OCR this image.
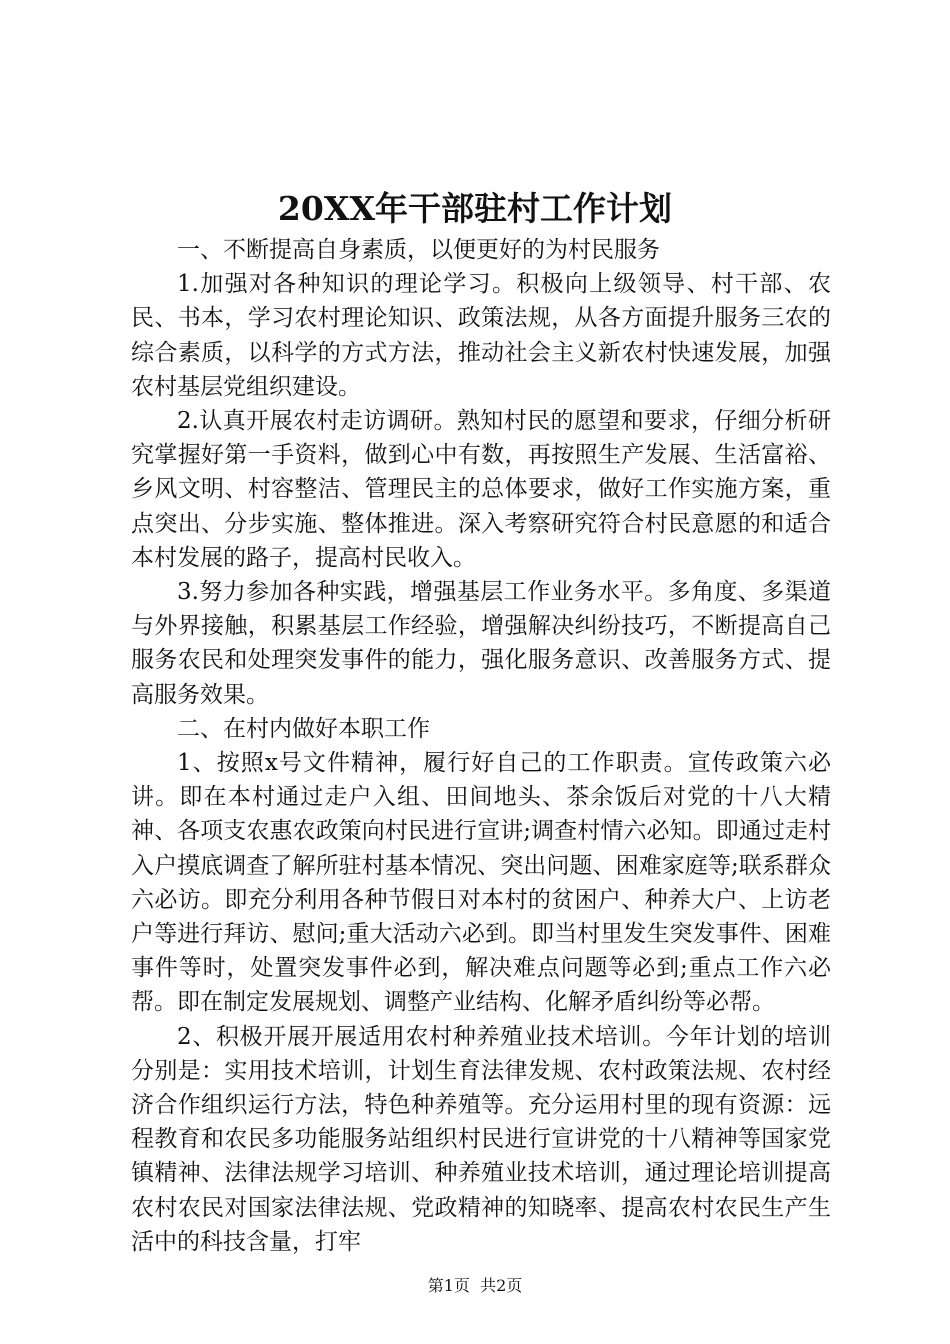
20XX年干部驻村工作计划

一、不断提高自身素质，以便更好的为村民服务

1.加强对各种知识的理论学习。积极向上级领导、村干部、农民、书本，学习农村理论知识、政策法规，从各方面提升服务三农的综合素质，以科学的方式方法，推动社会主义新农村快速发展，加强农村基层党组织建设。

2.认真开展农村走访调研。熟知村民的愿望和要求，仔细分析研究掌握好第一手资料，做到心中有数，再按照生产发展、生活富裕、乡风文明、村容整洁、管理民主的总体要求，做好工作实施方案，重点突出、分步实施、整体推进。深入考察研究符合村民意愿的和适合本村发展的路子，提高村民收入。

3.努力参加各种实践，增强基层工作业务水平。多角度、多渠道与外界接触，积累基层工作经验，增强解决纠纷技巧，不断提高自己服务农民和处理突发事件的能力，强化服务意识、改善服务方式、提高服务效果。

二、在村内做好本职工作

1、按照x号文件精神，履行好自己的工作职责。宣传政策六必讲。即在本村通过走户入组、田间地头、茶余饭后对党的十八大精神、各项支农惠农政策向村民进行宣讲;调查村情六必知。即通过走村入户摸底调查了解所驻村基本情况、突出问题、困难家庭等;联系群众六必访。即充分利用各种节假日对本村的贫困户、种养大户、上访老户等进行拜访、慰问;重大活动六必到。即当村里发生突发事件、困难事件等时，处置突发事件必到，解决难点问题等必到;重点工作六必帮。即在制定发展规划、调整产业结构、化解矛盾纠纷等必帮。

2、积极开展开展适用农村种养殖业技术培训。今年计划的培训分别是：实用技术培训，计划生育法律发规、农村政策法规、农村经济合作组织运行方法，特色种养殖等。充分运用村里的现有资源：远程教育和农民多功能服务站组织村民进行宣讲党的十八精神等国家党镇精神、法律法规学习培训、种养殖业技术培训，通过理论培训提高农村农民对国家法律法规、党政精神的知晓率、提高农村农民生产生活中的科技含量，打牢

第1页  共2页
